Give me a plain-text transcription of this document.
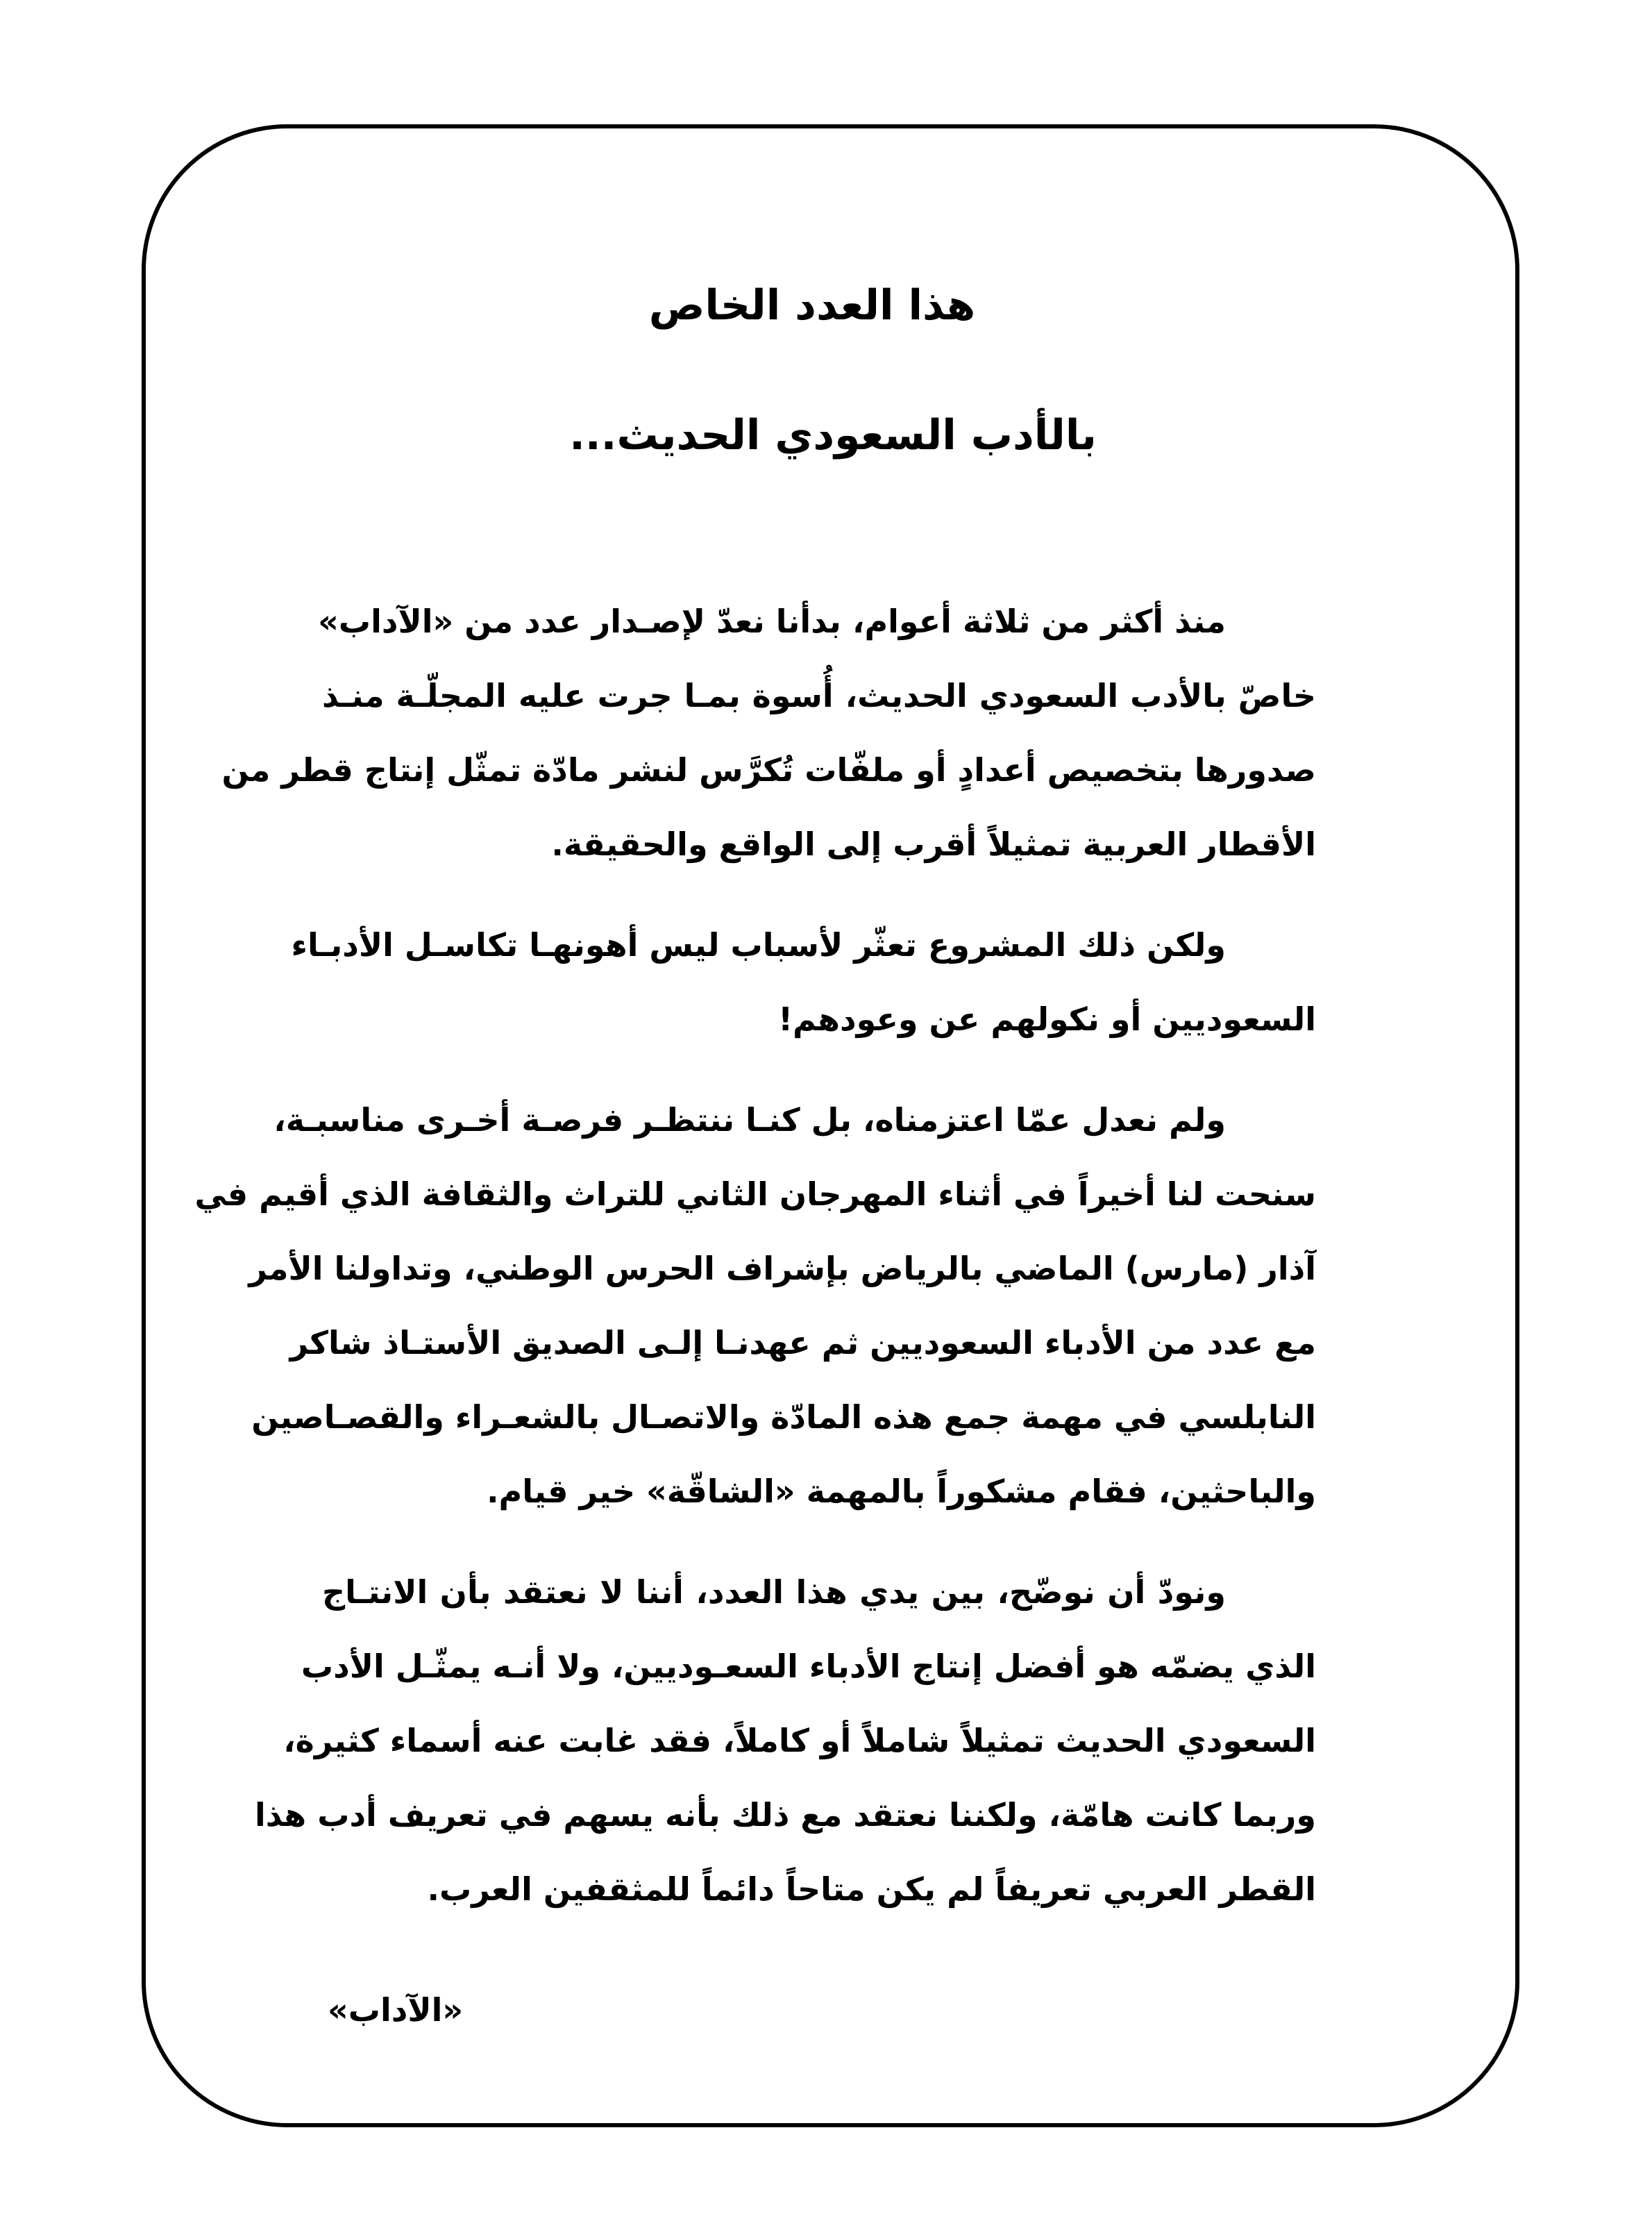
هذا العدد الخاص
بالأدب السعودي الحديث...
منذ أكثر من ثلاثة أعوام، بدأنا نعدّ لإصـدار عدد من «الآداب»
خاصّ بالأدب السعودي الحديث، أُسوة بمـا جرت عليه المجلّـة منـذ
صدورها بتخصيص أعدادٍ أو ملفّات تُكرَّس لنشر مادّة تمثّل إنتاج قطر من
الأقطار العربية تمثيلاً أقرب إلى الواقع والحقيقة.
ولكن ذلك المشروع تعثّر لأسباب ليس أهونهـا تكاسـل الأدبـاء
السعوديين أو نكولهم عن وعودهم!
ولم نعدل عمّا اعتزمناه، بل كنـا ننتظـر فرصـة أخـرى مناسبـة،
سنحت لنا أخيراً في أثناء المهرجان الثاني للتراث والثقافة الذي أقيم في
آذار (مارس) الماضي بالرياض بإشراف الحرس الوطني، وتداولنا الأمر
مع عدد من الأدباء السعوديين ثم عهدنـا إلـى الصديق الأستـاذ شاكر
النابلسي في مهمة جمع هذه المادّة والاتصـال بالشعـراء والقصـاصين
والباحثين، فقام مشكوراً بالمهمة «الشاقّة» خير قيام.
ونودّ أن نوضّح، بين يدي هذا العدد، أننا لا نعتقد بأن الانتـاج
الذي يضمّه هو أفضل إنتاج الأدباء السعـوديين، ولا أنـه يمثّـل الأدب
السعودي الحديث تمثيلاً شاملاً أو كاملاً، فقد غابت عنه أسماء كثيرة،
وربما كانت هامّة، ولكننا نعتقد مع ذلك بأنه يسهم في تعريف أدب هذا
القطر العربي تعريفاً لم يكن متاحاً دائماً للمثقفين العرب.
«الآداب»
